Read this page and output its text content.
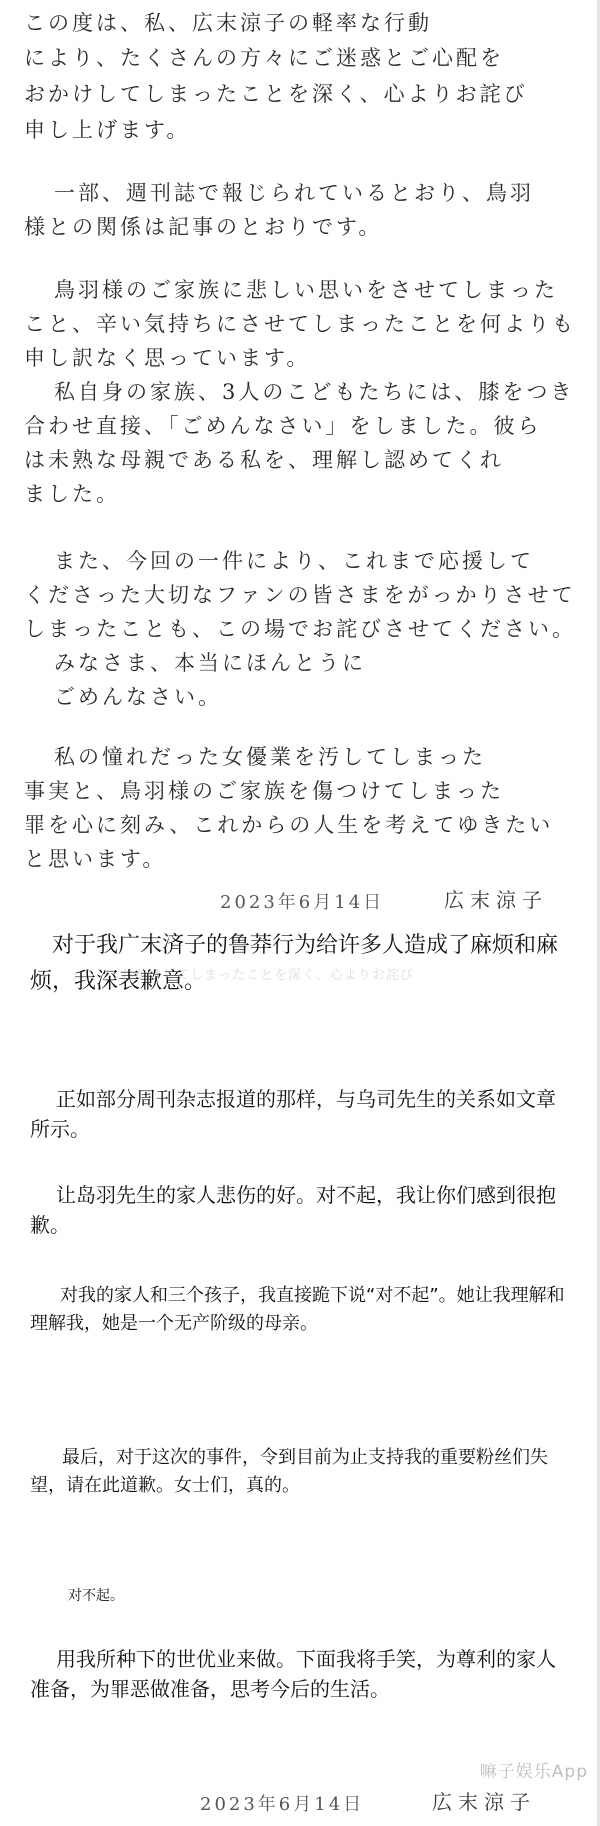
この度は、私、広末涼子の軽率な行動
により、たくさんの方々にご迷惑とご心配を
おかけしてしまったことを深く、心よりお詫び
申し上げます。
一部、週刊誌で報じられているとおり、鳥羽
様との関係は記事のとおりです。
鳥羽様のご家族に悲しい思いをさせてしまった
こと、辛い気持ちにさせてしまったことを何よりも
申し訳なく思っています。
私自身の家族、3人のこどもたちには、膝をつき
合わせ直接、「ごめんなさい」をしました。彼ら
は未熟な母親である私を、理解し認めてくれ
ました。
また、今回の一件により、これまで応援して
くださった大切なファンの皆さまをがっかりさせて
しまったことも、この場でお詫びさせてください。
みなさま、本当にほんとうに
ごめんなさい。
私の憧れだった女優業を汚してしまった
事実と、鳥羽様のご家族を傷つけてしまった
罪を心に刻み、これからの人生を考えてゆきたい
と思います。
2023年6月14日	広末涼子
おかけしてしまったことを深く、心よりお詫び
对于我广末済子的鲁莽行为给许多人造成了麻烦和麻烦，我深表歉意。
正如部分周刊杂志报道的那样，与乌司先生的关系如文章所示。
让岛羽先生的家人悲伤的好。对不起，我让你们感到很抱歉。
对我的家人和三个孩子，我直接跪下说“对不起”。她让我理解和理解我，她是一个无产阶级的母亲。
最后，对于这次的事件，令到目前为止支持我的重要粉丝们失望，请在此道歉。女士们，真的。
对不起。
用我所种下的世优业来做。下面我将手笑，为尊利的家人准备，为罪恶做准备，思考今后的生活。
2023年6月14日	広末涼子
嘛子娱乐App
